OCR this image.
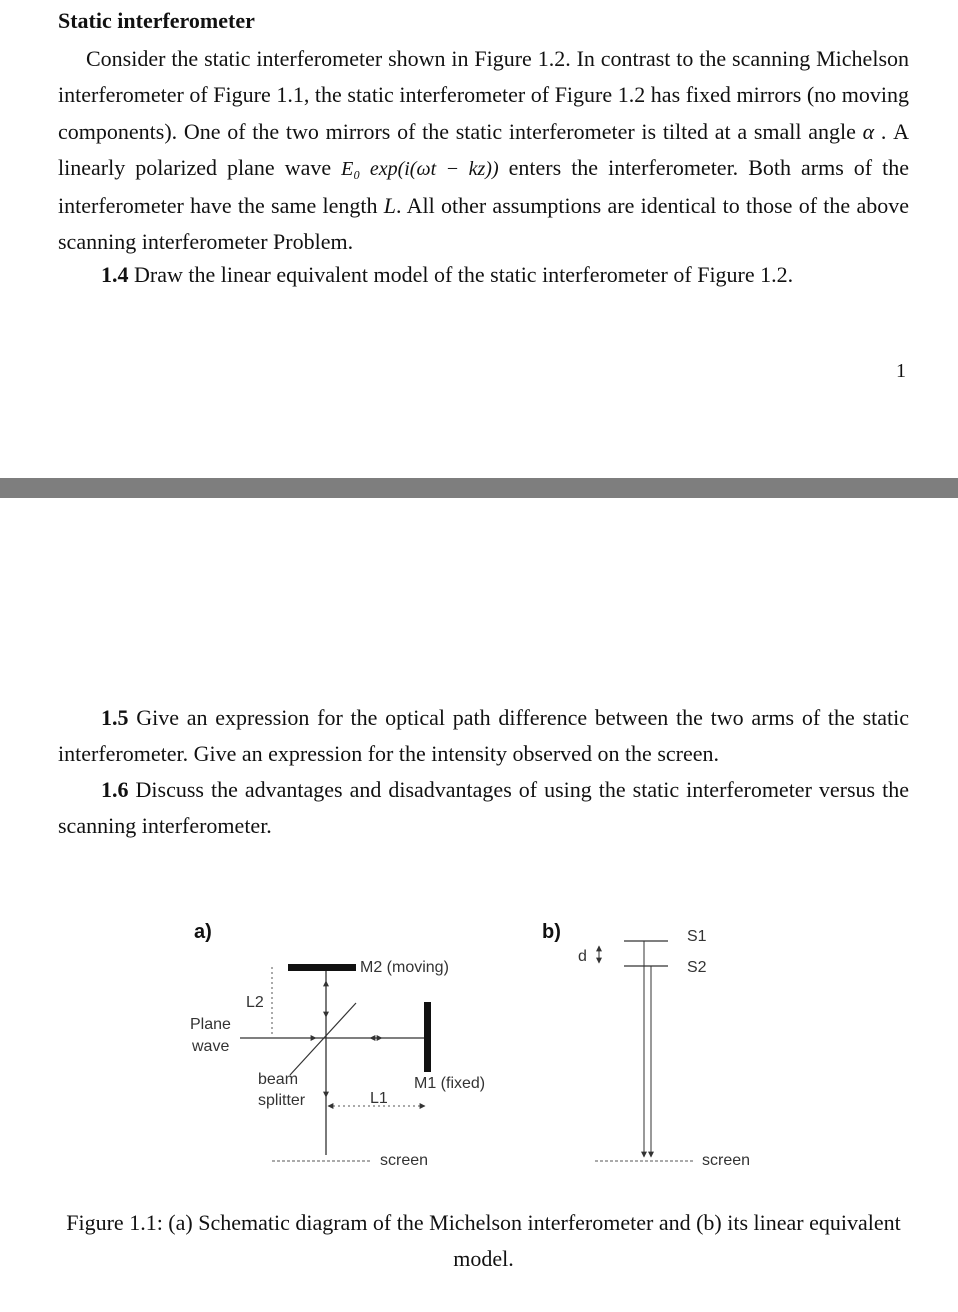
Static interferometer

Consider the static interferometer shown in Figure 1.2. In contrast to the scanning Michelson interferometer of Figure 1.1, the static interferometer of Figure 1.2 has fixed mirrors (no moving components). One of the two mirrors of the static interferometer is tilted at a small angle α . A linearly polarized plane wave E₀ exp(i(ωt − kz)) enters the interferometer. Both arms of the interferometer have the same length L. All other assumptions are identical to those of the above scanning interferometer Problem.

1.4 Draw the linear equivalent model of the static interferometer of Figure 1.2.

1

1.5 Give an expression for the optical path difference between the two arms of the static interferometer. Give an expression for the intensity observed on the screen.

1.6 Discuss the advantages and disadvantages of using the static interferometer versus the scanning interferometer.

a)
M2 (moving)
L2
Plane
wave
M1 (fixed)
beam
splitter	L1
screen
b)
d
S1
S2
screen

Figure 1.1: (a) Schematic diagram of the Michelson interferometer and (b) its linear equivalent model.
